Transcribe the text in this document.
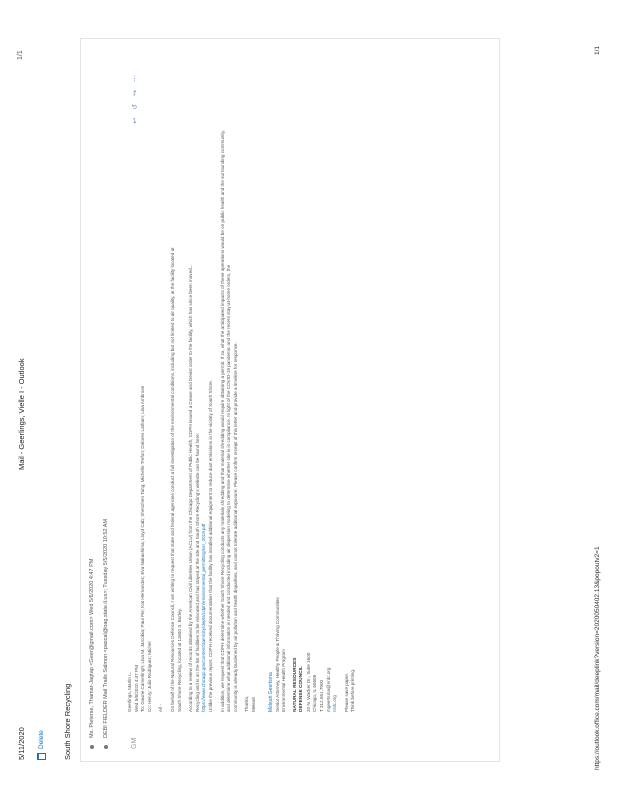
5/11/2020
Mail - Geerlings, Vielle I - Outlook
1/1
Delete South Shore Recycling	Ms. Pieterse, Thamar-Jagtap <Geer@gmail.com> Wed 5/6/2020 4:47 PM DEBI FIELDER Mail Trails Salmon <pascal@oag.state.il.us>; Tuesday 5/5/2020 10:52 AM
GM
↩
↺
↪
⋯
Geerlings, Martin L. Wed 5/6/2020 4:47 PM To: Gaurie Camerlingh; Lisa M. Jarcobia; Paul Pie; Kat Hernandez; Eva Nakashima; Lloyd Cab; Shenzhen Tang; Michelle Trefon; Dolores Latham; Lisa Ambrose Cc: Henry; Julio Rodriguez; Michel	All -	On behalf of the Natural Resources Defense Council, I am writing to request that state and federal agencies conduct a full investigation of the environmental conditions, including but not limited to air quality, at the facility located at South Shore Recycling, located at 11600 S. Burley.	According to a review of records obtained by the American Civil Liberties Union (ACLU) from the Chicago Department of Public Health, CDPH issued a Cease and Desist order to the facility, which has since been moved... Recycling and is on the list of facilities to be relocated and has stayed at the site and South Shore Recycling's website can be found here: https://www.chicago.gov/content/dam/city/depts/cdph/environmental_permitting/ssr_2019.pdf Unlike the previous report, CDPH received documentation that the facility has installed additional equipment to reduce dust emissions in the vicinity of South Shore.	In addition, we request that CDPH determine whether South Shore Recycling conducts any materials shredding and that material shredding would require obtaining a permit. If so, what the anticipated impacts of these operations would be on public health and the surrounding community, and determine what additional information is needed and conducted including air dispersion modeling to determine whether site is in compliance. In light of the COVID-19 pandemic and the recent stay-at-home orders, the community is already burdened by air pollution and health disparities, and cannot tolerate additional exposure. Please confirm receipt of this letter and provide a timeline for response.	Thanks, Meleah	Meleah Geertsma Senior Attorney, Healthy People & Thriving Communities Environmental Health Program	NATURAL RESOURCES DEFENSE COUNCIL 20 N. Wacker Dr., Suite 1600 Chicago, IL 60606 T 312.651.7900 mgeertsma@nrdc.org nrdc.org	Please save paper. Think before printing.	https://outlook.office.com/mail/deeplink?version=2020050402.13&popoutv2=1
1/1
